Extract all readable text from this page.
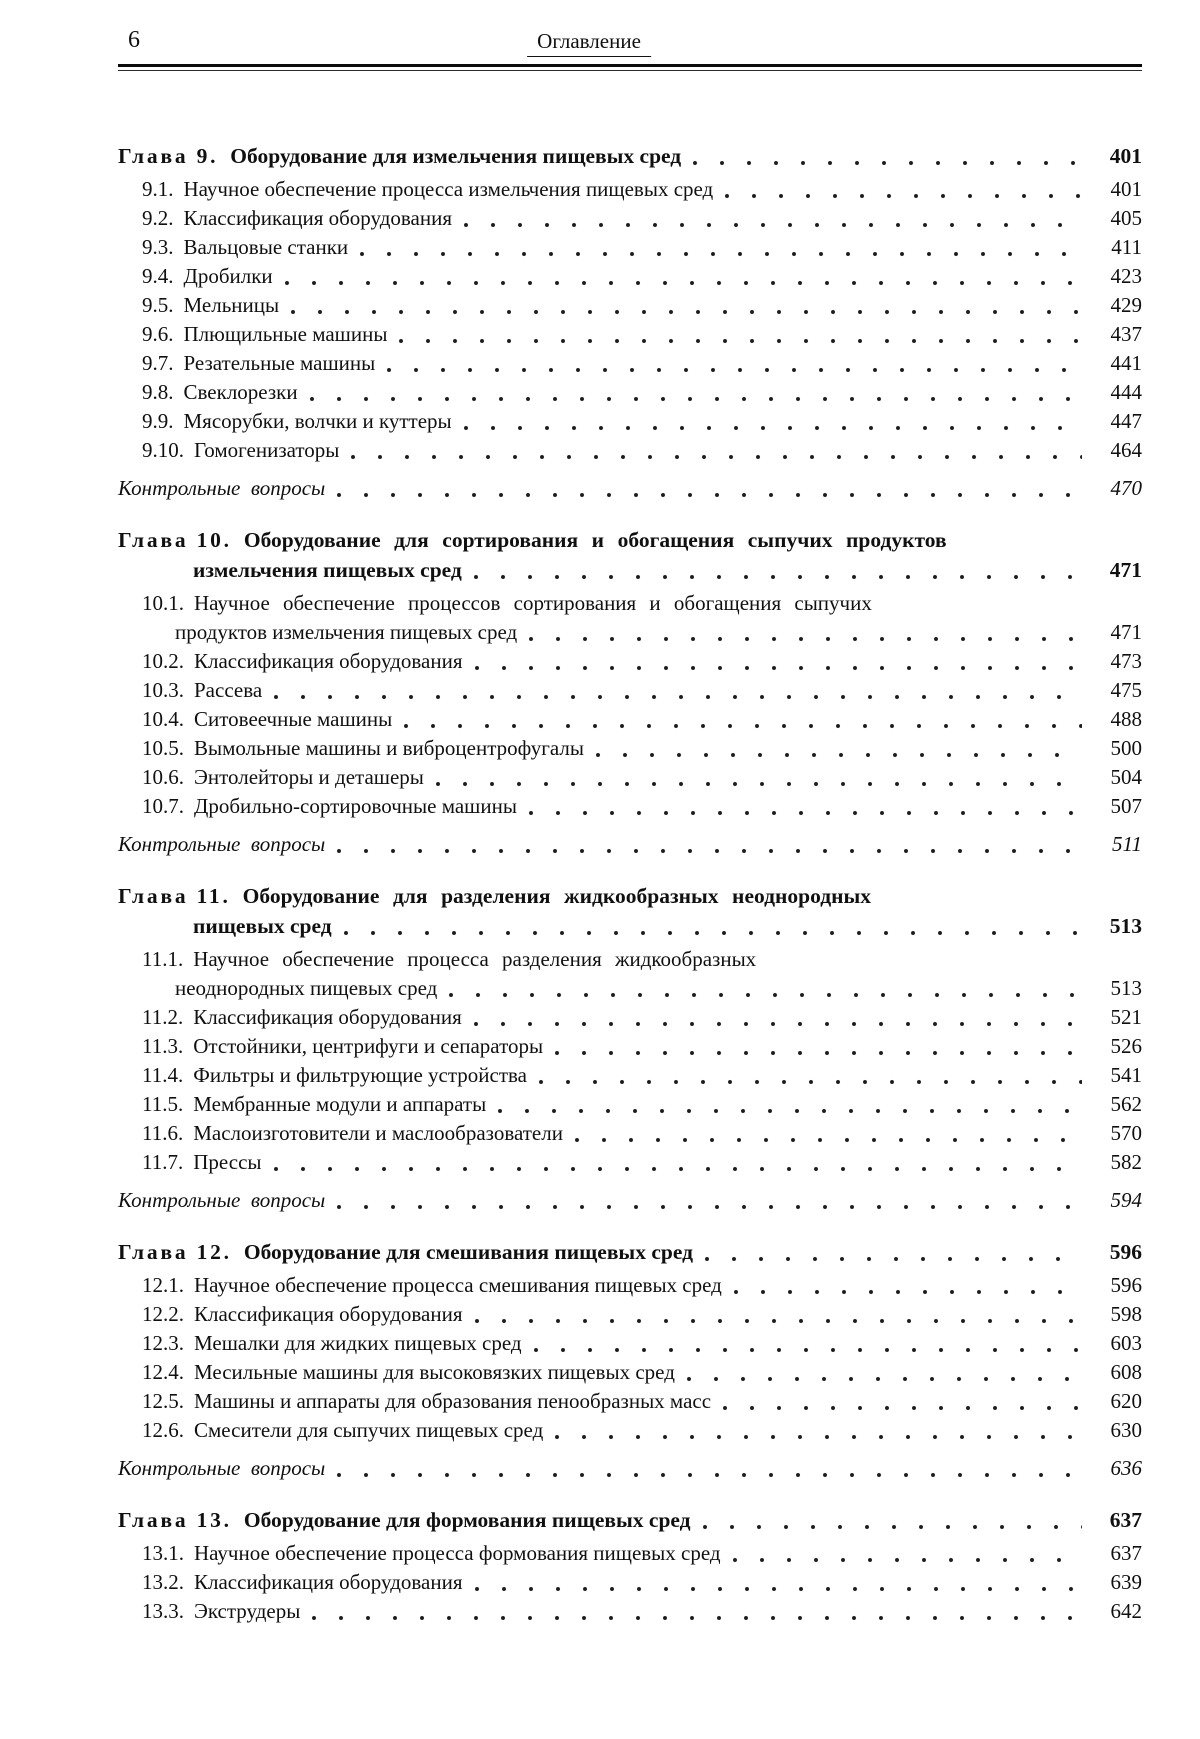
6	Оглавление
Глава 9. Оборудование для измельчения пищевых сред	401
9.1. Научное обеспечение процесса измельчения пищевых сред	401
9.2. Классификация оборудования	405
9.3. Вальцовые станки	411
9.4. Дробилки	423
9.5. Мельницы	429
9.6. Плющильные машины	437
9.7. Резательные машины	441
9.8. Свеклорезки	444
9.9. Мясорубки, волчки и куттеры	447
9.10. Гомогенизаторы	464
Контрольные вопросы	470
Глава 10. Оборудование для сортирования и обогащения сыпучих продуктов
измельчения пищевых сред	471
10.1. Научное обеспечение процессов сортирования и обогащения сыпучих
продуктов измельчения пищевых сред	471
10.2. Классификация оборудования	473
10.3. Рассева	475
10.4. Ситовеечные машины	488
10.5. Вымольные машины и виброцентрофугалы	500
10.6. Энтолейторы и деташеры	504
10.7. Дробильно-сортировочные машины	507
Контрольные вопросы	511
Глава 11. Оборудование для разделения жидкообразных неоднородных
пищевых сред	513
11.1. Научное обеспечение процесса разделения жидкообразных
неоднородных пищевых сред	513
11.2. Классификация оборудования	521
11.3. Отстойники, центрифуги и сепараторы	526
11.4. Фильтры и фильтрующие устройства	541
11.5. Мембранные модули и аппараты	562
11.6. Маслоизготовители и маслообразователи	570
11.7. Прессы	582
Контрольные вопросы	594
Глава 12. Оборудование для смешивания пищевых сред	596
12.1. Научное обеспечение процесса смешивания пищевых сред	596
12.2. Классификация оборудования	598
12.3. Мешалки для жидких пищевых сред	603
12.4. Месильные машины для высоковязких пищевых сред	608
12.5. Машины и аппараты для образования пенообразных масс	620
12.6. Смесители для сыпучих пищевых сред	630
Контрольные вопросы	636
Глава 13. Оборудование для формования пищевых сред	637
13.1. Научное обеспечение процесса формования пищевых сред	637
13.2. Классификация оборудования	639
13.3. Экструдеры	642
